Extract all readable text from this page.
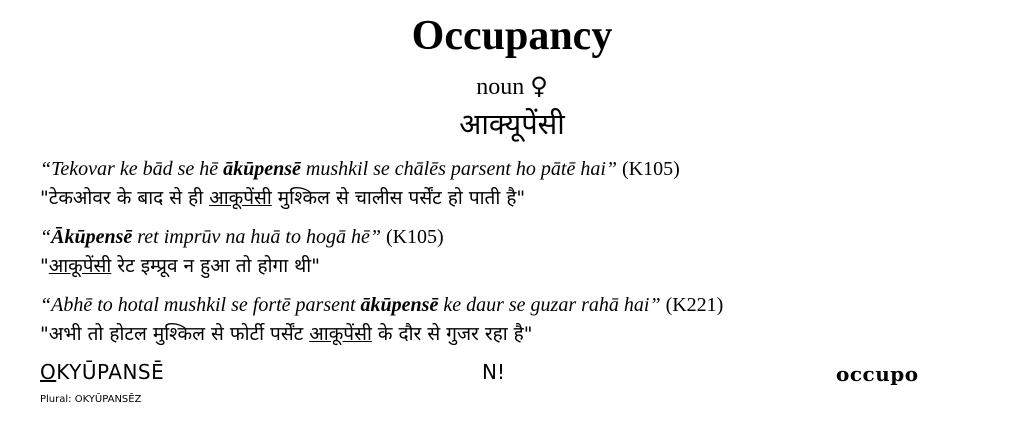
Occupancy
noun ♀
आक्यूपेंसी
“Tekovar ke bād se hē ākūpensē mushkil se chālēs parsent ho pātē hai” (K105)
"टेकओवर के बाद से ही आकूपेंसी मुश्किल से चालीस पर्सेंट हो पाती है"
“Ākūpensē ret imprūv na huā to hogā hē” (K105)
"आकूपेंसी रेट इम्प्रूव न हुआ तो होगा थी"
“Abhē to hotal mushkil se fortē parsent ākūpensē ke daur se guzar rahā hai” (K221)
"अभी तो होटल मुश्किल से फोर्टी पर्सेंट आकूपेंसी के दौर से गुजर रहा है"
OKYŪPANSĒ
Plural: OKYŪPANSĒZ
N!	occupo
